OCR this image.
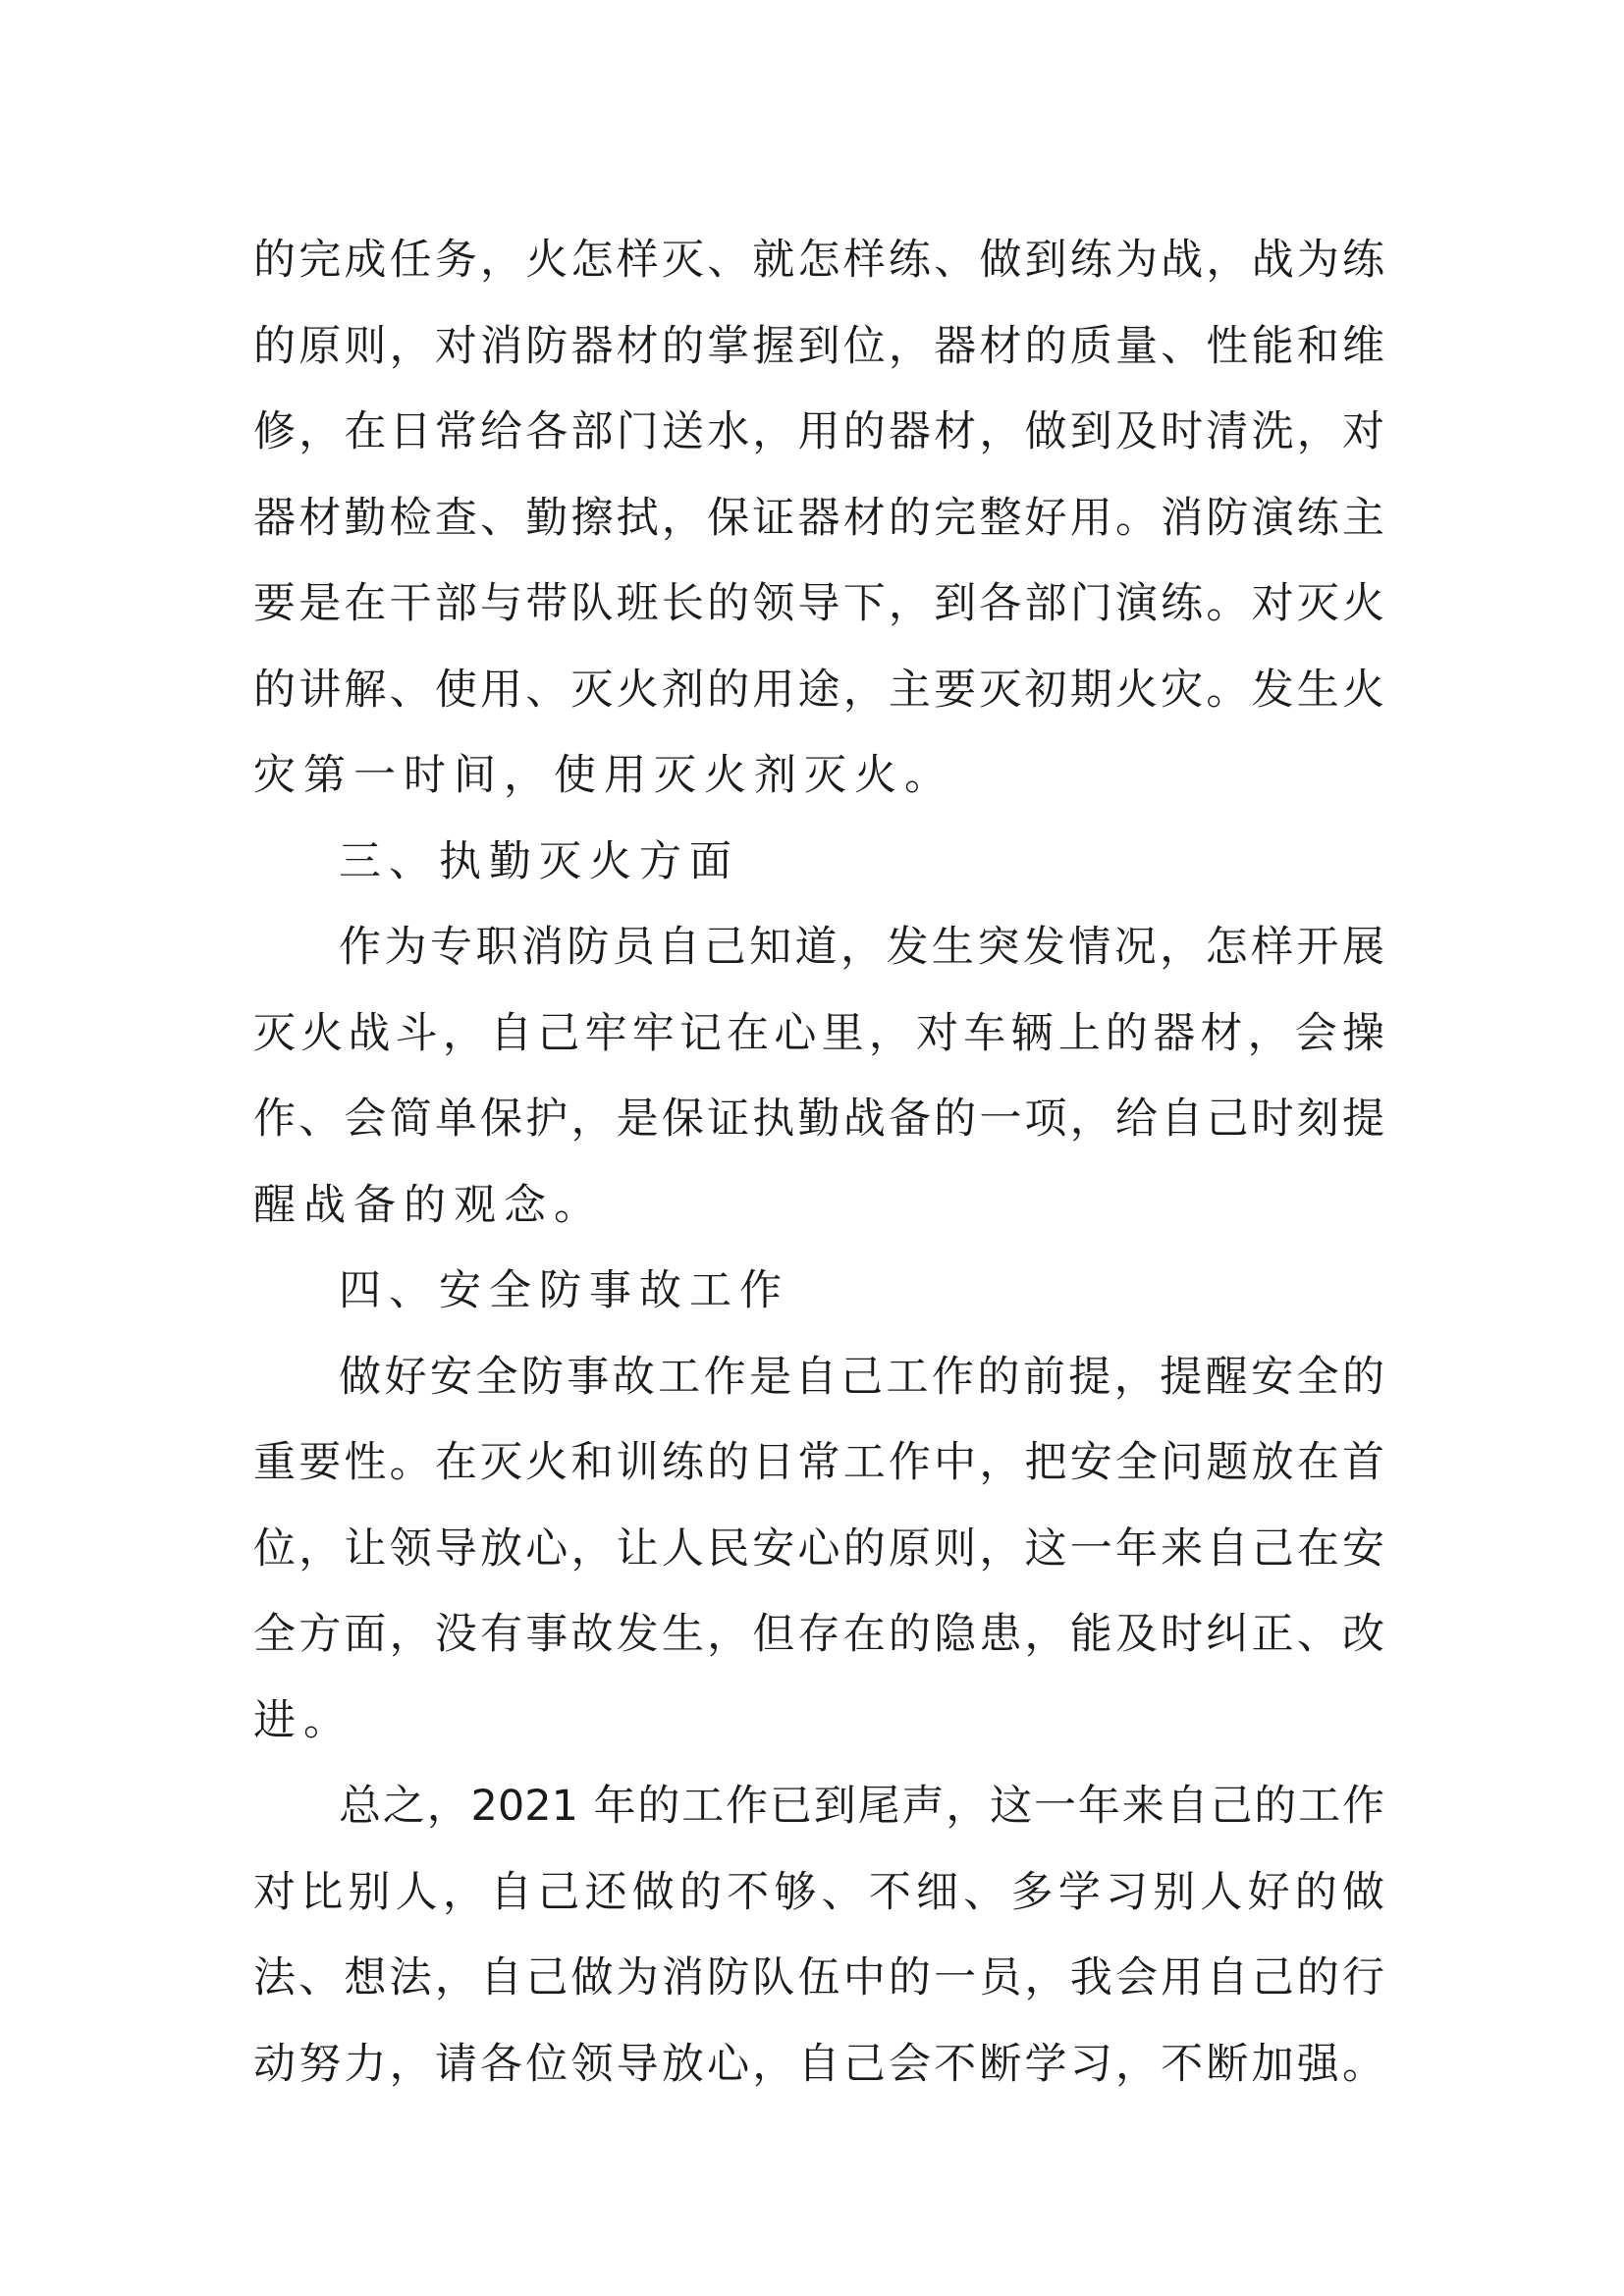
的完成任务，火怎样灭、就怎样练、做到练为战，战为练
的原则，对消防器材的掌握到位，器材的质量、性能和维
修，在日常给各部门送水，用的器材，做到及时清洗，对
器材勤检查、勤擦拭，保证器材的完整好用。消防演练主
要是在干部与带队班长的领导下，到各部门演练。对灭火
的讲解、使用、灭火剂的用途，主要灭初期火灾。发生火
灾第一时间，使用灭火剂灭火。
三、执勤灭火方面
作为专职消防员自己知道，发生突发情况，怎样开展
灭火战斗，自己牢牢记在心里，对车辆上的器材，会操
作、会简单保护，是保证执勤战备的一项，给自己时刻提
醒战备的观念。
四、安全防事故工作
做好安全防事故工作是自己工作的前提，提醒安全的
重要性。在灭火和训练的日常工作中，把安全问题放在首
位，让领导放心，让人民安心的原则，这一年来自己在安
全方面，没有事故发生，但存在的隐患，能及时纠正、改
进。
总之，2021 年的工作已到尾声，这一年来自己的工作
对比别人，自己还做的不够、不细、多学习别人好的做
法、想法，自己做为消防队伍中的一员，我会用自己的行
动努力，请各位领导放心，自己会不断学习，不断加强。
